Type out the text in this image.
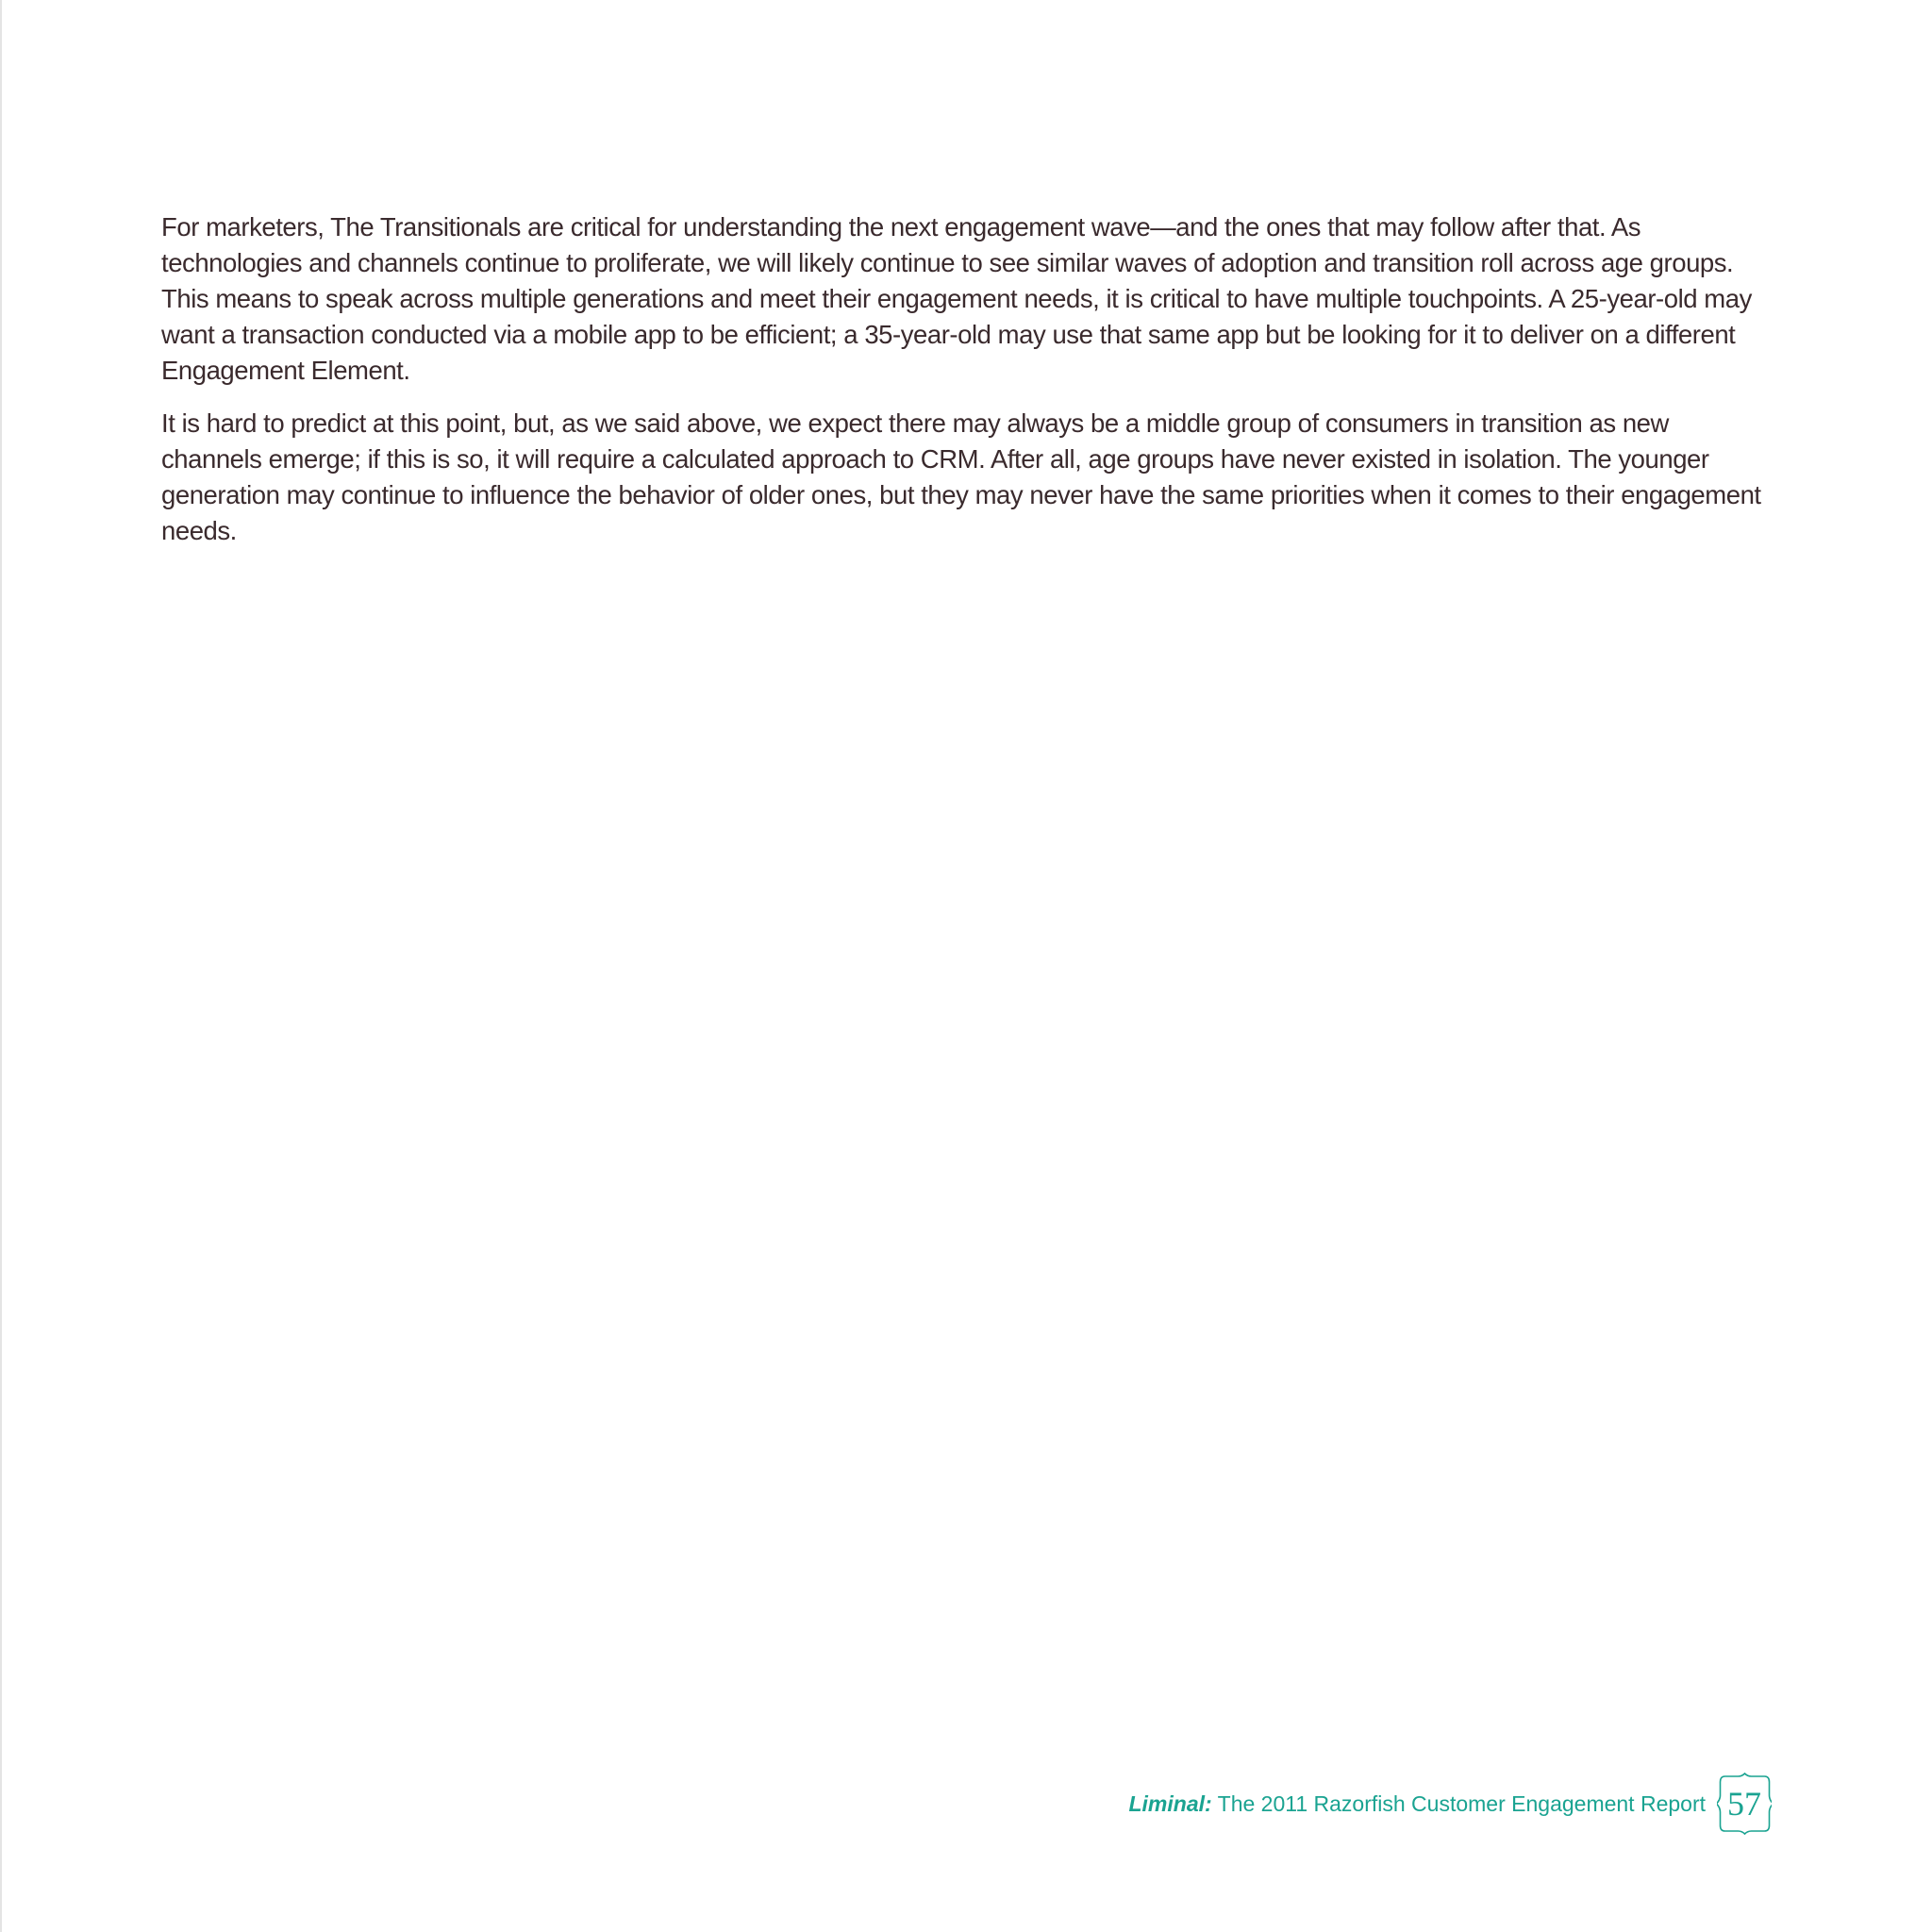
For marketers, The Transitionals are critical for understanding the next engagement wave—and the ones that may follow after that. As technologies and channels continue to proliferate, we will likely continue to see similar waves of adoption and transition roll across age groups. This means to speak across multiple generations and meet their engagement needs, it is critical to have multiple touchpoints. A 25-year-old may want a transaction conducted via a mobile app to be efficient; a 35-year-old may use that same app but be looking for it to deliver on a different Engagement Element.

It is hard to predict at this point, but, as we said above, we expect there may always be a middle group of consumers in transition as new channels emerge; if this is so, it will require a calculated approach to CRM. After all, age groups have never existed in isolation. The younger generation may continue to influence the behavior of older ones, but they may never have the same priorities when it comes to their engagement needs.

Liminal: The 2011 Razorfish Customer Engagement Report 57
